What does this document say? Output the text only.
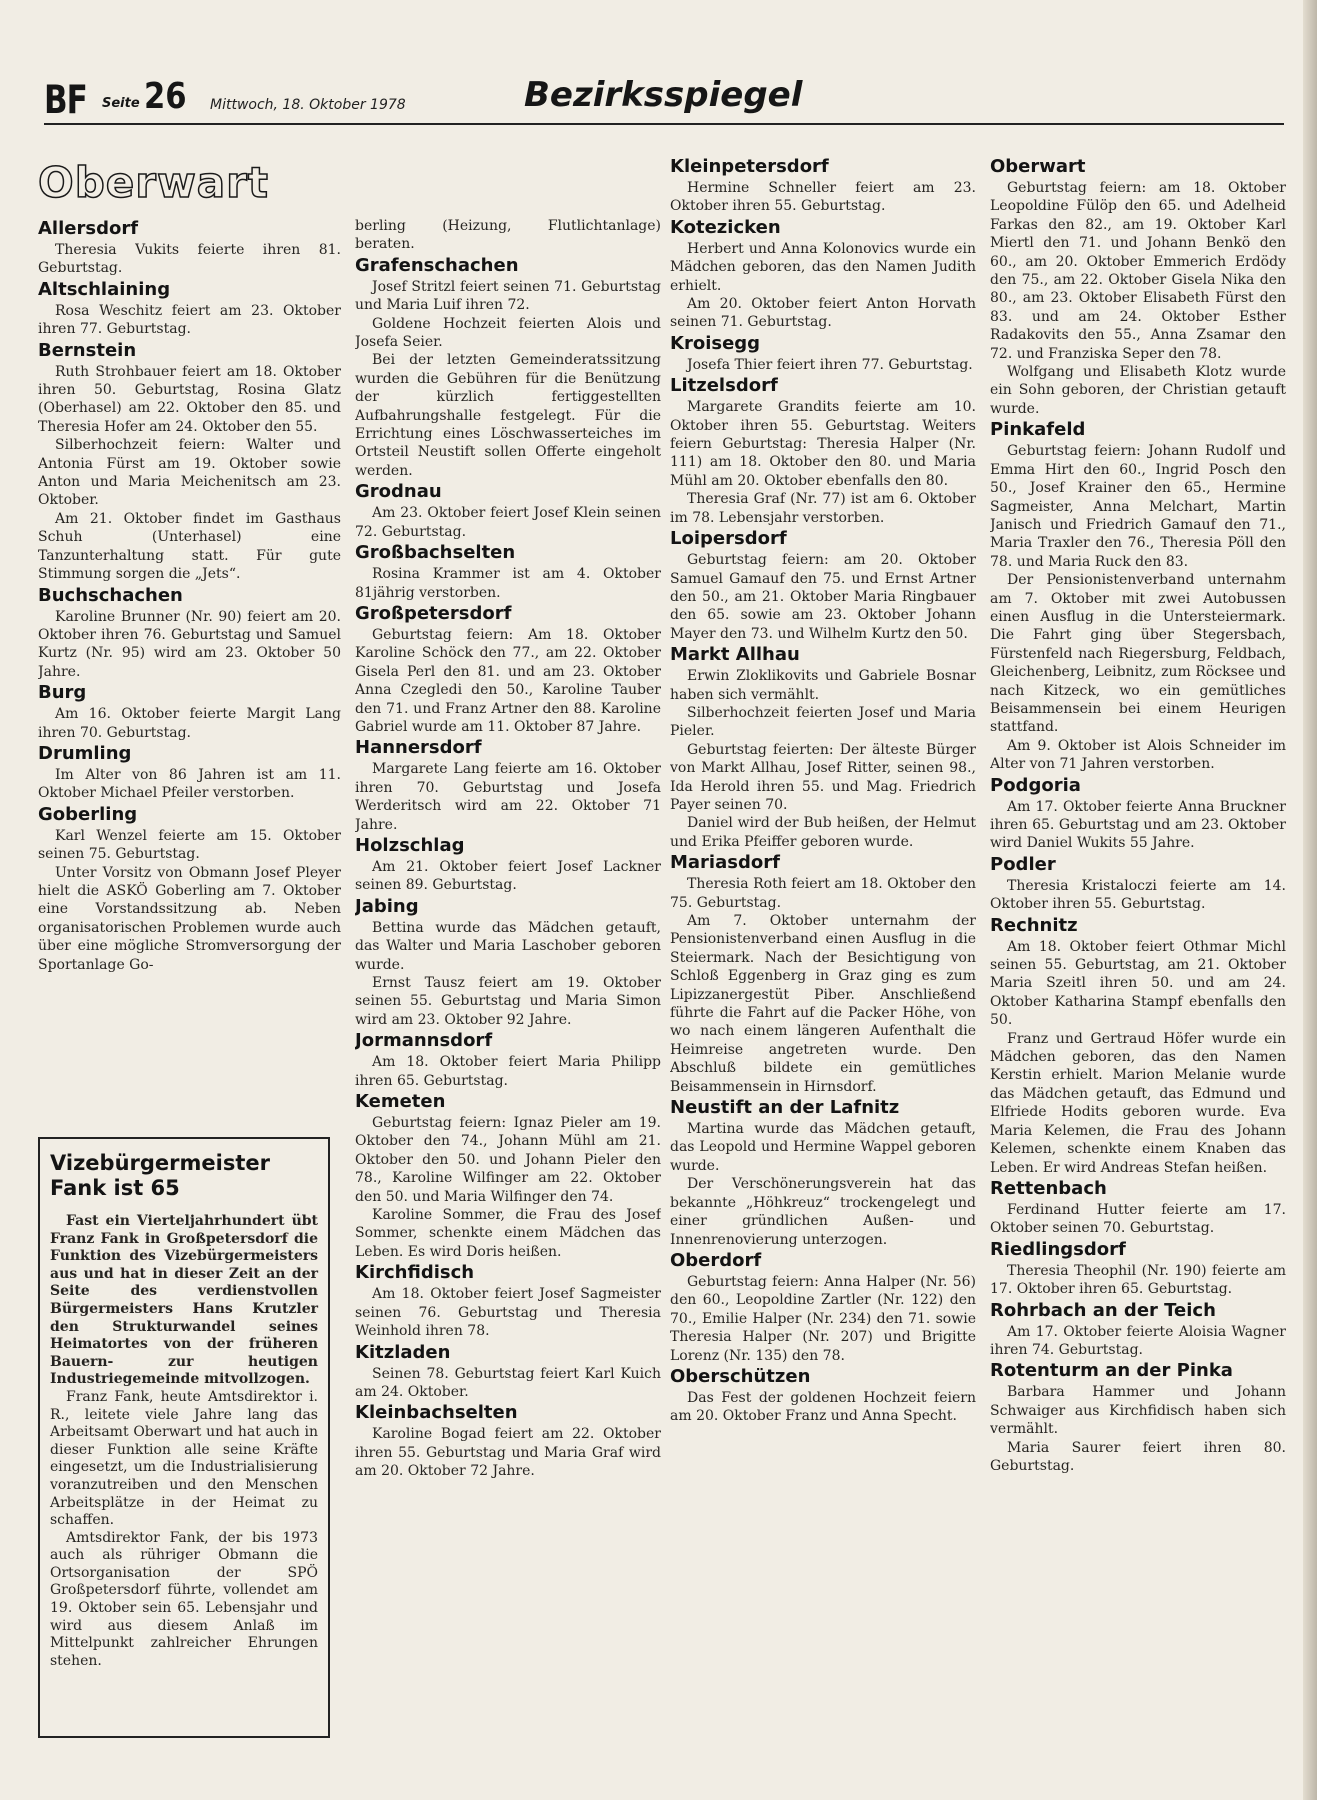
BF Seite 26 Mittwoch, 18. Oktober 1978	Bezirksspiegel
Oberwart
Allersdorf

Theresia Vukits feierte ihren 81. Geburtstag.

Altschlaining

Rosa Weschitz feiert am 23. Oktober ihren 77. Geburtstag.

Bernstein

Ruth Strohbauer feiert am 18. Oktober ihren 50. Geburtstag, Rosina Glatz (Oberhasel) am 22. Oktober den 85. und Theresia Hofer am 24. Oktober den 55.

Silberhochzeit feiern: Walter und Antonia Fürst am 19. Oktober sowie Anton und Maria Meichenitsch am 23. Oktober.

Am 21. Oktober findet im Gasthaus Schuh (Unterhasel) eine Tanzunterhaltung statt. Für gute Stimmung sorgen die „Jets“.

Buchschachen

Karoline Brunner (Nr. 90) feiert am 20. Oktober ihren 76. Geburtstag und Samuel Kurtz (Nr. 95) wird am 23. Oktober 50 Jahre.

Burg

Am 16. Oktober feierte Margit Lang ihren 70. Geburtstag.

Drumling

Im Alter von 86 Jahren ist am 11. Oktober Michael Pfeiler verstorben.

Goberling

Karl Wenzel feierte am 15. Oktober seinen 75. Geburtstag.

Unter Vorsitz von Obmann Josef Pleyer hielt die ASKÖ Goberling am 7. Oktober eine Vorstandssitzung ab. Neben organisatorischen Problemen wurde auch über eine mögliche Stromversorgung der Sportanlage Go-

berling (Heizung, Flutlichtanlage) beraten.

Grafenschachen

Josef Stritzl feiert seinen 71. Geburtstag und Maria Luif ihren 72.

Goldene Hochzeit feierten Alois und Josefa Seier.

Bei der letzten Gemeinderatssitzung wurden die Gebühren für die Benützung der kürzlich fertiggestellten Aufbahrungshalle festgelegt. Für die Errichtung eines Löschwasserteiches im Ortsteil Neustift sollen Offerte eingeholt werden.

Grodnau

Am 23. Oktober feiert Josef Klein seinen 72. Geburtstag.

Großbachselten

Rosina Krammer ist am 4. Oktober 81jährig verstorben.

Großpetersdorf

Geburtstag feiern: Am 18. Oktober Karoline Schöck den 77., am 22. Oktober Gisela Perl den 81. und am 23. Oktober Anna Czegledi den 50., Karoline Tauber den 71. und Franz Artner den 88. Karoline Gabriel wurde am 11. Oktober 87 Jahre.

Hannersdorf

Margarete Lang feierte am 16. Oktober ihren 70. Geburtstag und Josefa Werderitsch wird am 22. Oktober 71 Jahre.

Holzschlag

Am 21. Oktober feiert Josef Lackner seinen 89. Geburtstag.

Jabing

Bettina wurde das Mädchen getauft, das Walter und Maria Laschober geboren wurde.

Ernst Tausz feiert am 19. Oktober seinen 55. Geburtstag und Maria Simon wird am 23. Oktober 92 Jahre.

Jormannsdorf

Am 18. Oktober feiert Maria Philipp ihren 65. Geburtstag.

Kemeten

Geburtstag feiern: Ignaz Pieler am 19. Oktober den 74., Johann Mühl am 21. Oktober den 50. und Johann Pieler den 78., Karoline Wilfinger am 22. Oktober den 50. und Maria Wilfinger den 74.

Karoline Sommer, die Frau des Josef Sommer, schenkte einem Mädchen das Leben. Es wird Doris heißen.

Kirchfidisch

Am 18. Oktober feiert Josef Sagmeister seinen 76. Geburtstag und Theresia Weinhold ihren 78.

Kitzladen

Seinen 78. Geburtstag feiert Karl Kuich am 24. Oktober.

Kleinbachselten

Karoline Bogad feiert am 22. Oktober ihren 55. Geburtstag und Maria Graf wird am 20. Oktober 72 Jahre.

Kleinpetersdorf

Hermine Schneller feiert am 23. Oktober ihren 55. Geburtstag.

Kotezicken

Herbert und Anna Kolonovics wurde ein Mädchen geboren, das den Namen Judith erhielt.

Am 20. Oktober feiert Anton Horvath seinen 71. Geburtstag.

Kroisegg

Josefa Thier feiert ihren 77. Geburtstag.

Litzelsdorf

Margarete Grandits feierte am 10. Oktober ihren 55. Geburtstag. Weiters feiern Geburtstag: Theresia Halper (Nr. 111) am 18. Oktober den 80. und Maria Mühl am 20. Oktober ebenfalls den 80.

Theresia Graf (Nr. 77) ist am 6. Oktober im 78. Lebensjahr verstorben.

Loipersdorf

Geburtstag feiern: am 20. Oktober Samuel Gamauf den 75. und Ernst Artner den 50., am 21. Oktober Maria Ringbauer den 65. sowie am 23. Oktober Johann Mayer den 73. und Wilhelm Kurtz den 50.

Markt Allhau

Erwin Zloklikovits und Gabriele Bosnar haben sich vermählt.

Silberhochzeit feierten Josef und Maria Pieler.

Geburtstag feierten: Der älteste Bürger von Markt Allhau, Josef Ritter, seinen 98., Ida Herold ihren 55. und Mag. Friedrich Payer seinen 70.

Daniel wird der Bub heißen, der Helmut und Erika Pfeiffer geboren wurde.

Mariasdorf

Theresia Roth feiert am 18. Oktober den 75. Geburtstag.

Am 7. Oktober unternahm der Pensionistenverband einen Ausflug in die Steiermark. Nach der Besichtigung von Schloß Eggenberg in Graz ging es zum Lipizzanergestüt Piber. Anschließend führte die Fahrt auf die Packer Höhe, von wo nach einem längeren Aufenthalt die Heimreise angetreten wurde. Den Abschluß bildete ein gemütliches Beisammensein in Hirnsdorf.

Neustift an der Lafnitz

Martina wurde das Mädchen getauft, das Leopold und Hermine Wappel geboren wurde.

Der Verschönerungsverein hat das bekannte „Höhkreuz“ trockengelegt und einer gründlichen Außen- und Innenrenovierung unterzogen.

Oberdorf

Geburtstag feiern: Anna Halper (Nr. 56) den 60., Leopoldine Zartler (Nr. 122) den 70., Emilie Halper (Nr. 234) den 71. sowie Theresia Halper (Nr. 207) und Brigitte Lorenz (Nr. 135) den 78.

Oberschützen

Das Fest der goldenen Hochzeit feiern am 20. Oktober Franz und Anna Specht.

Oberwart

Geburtstag feiern: am 18. Oktober Leopoldine Fülöp den 65. und Adelheid Farkas den 82., am 19. Oktober Karl Miertl den 71. und Johann Benkö den 60., am 20. Oktober Emmerich Erdödy den 75., am 22. Oktober Gisela Nika den 80., am 23. Oktober Elisabeth Fürst den 83. und am 24. Oktober Esther Radakovits den 55., Anna Zsamar den 72. und Franziska Seper den 78.

Wolfgang und Elisabeth Klotz wurde ein Sohn geboren, der Christian getauft wurde.

Pinkafeld

Geburtstag feiern: Johann Rudolf und Emma Hirt den 60., Ingrid Posch den 50., Josef Krainer den 65., Hermine Sagmeister, Anna Melchart, Martin Janisch und Friedrich Gamauf den 71., Maria Traxler den 76., Theresia Pöll den 78. und Maria Ruck den 83.

Der Pensionistenverband unternahm am 7. Oktober mit zwei Autobussen einen Ausflug in die Untersteiermark. Die Fahrt ging über Stegersbach, Fürstenfeld nach Riegersburg, Feldbach, Gleichenberg, Leibnitz, zum Röcksee und nach Kitzeck, wo ein gemütliches Beisammensein bei einem Heurigen stattfand.

Am 9. Oktober ist Alois Schneider im Alter von 71 Jahren verstorben.

Podgoria

Am 17. Oktober feierte Anna Bruckner ihren 65. Geburtstag und am 23. Oktober wird Daniel Wukits 55 Jahre.

Podler

Theresia Kristaloczi feierte am 14. Oktober ihren 55. Geburtstag.

Rechnitz

Am 18. Oktober feiert Othmar Michl seinen 55. Geburtstag, am 21. Oktober Maria Szeitl ihren 50. und am 24. Oktober Katharina Stampf ebenfalls den 50.

Franz und Gertraud Höfer wurde ein Mädchen geboren, das den Namen Kerstin erhielt. Marion Melanie wurde das Mädchen getauft, das Edmund und Elfriede Hodits geboren wurde. Eva Maria Kelemen, die Frau des Johann Kelemen, schenkte einem Knaben das Leben. Er wird Andreas Stefan heißen.

Rettenbach

Ferdinand Hutter feierte am 17. Oktober seinen 70. Geburtstag.

Riedlingsdorf

Theresia Theophil (Nr. 190) feierte am 17. Oktober ihren 65. Geburtstag.

Rohrbach an der Teich

Am 17. Oktober feierte Aloisia Wagner ihren 74. Geburtstag.

Rotenturm an der Pinka

Barbara Hammer und Johann Schwaiger aus Kirchfidisch haben sich vermählt.

Maria Saurer feiert ihren 80. Geburtstag.

Vizebürgermeister Fank ist 65

Fast ein Vierteljahrhundert übt Franz Fank in Großpetersdorf die Funktion des Vizebürgermeisters aus und hat in dieser Zeit an der Seite des verdienstvollen Bürgermeisters Hans Krutzler den Strukturwandel seines Heimatortes von der früheren Bauern- zur heutigen Industriegemeinde mitvollzogen.

Franz Fank, heute Amtsdirektor i. R., leitete viele Jahre lang das Arbeitsamt Oberwart und hat auch in dieser Funktion alle seine Kräfte eingesetzt, um die Industrialisierung voranzutreiben und den Menschen Arbeitsplätze in der Heimat zu schaffen.

Amtsdirektor Fank, der bis 1973 auch als rühriger Obmann die Ortsorganisation der SPÖ Großpetersdorf führte, vollendet am 19. Oktober sein 65. Lebensjahr und wird aus diesem Anlaß im Mittelpunkt zahlreicher Ehrungen stehen.
